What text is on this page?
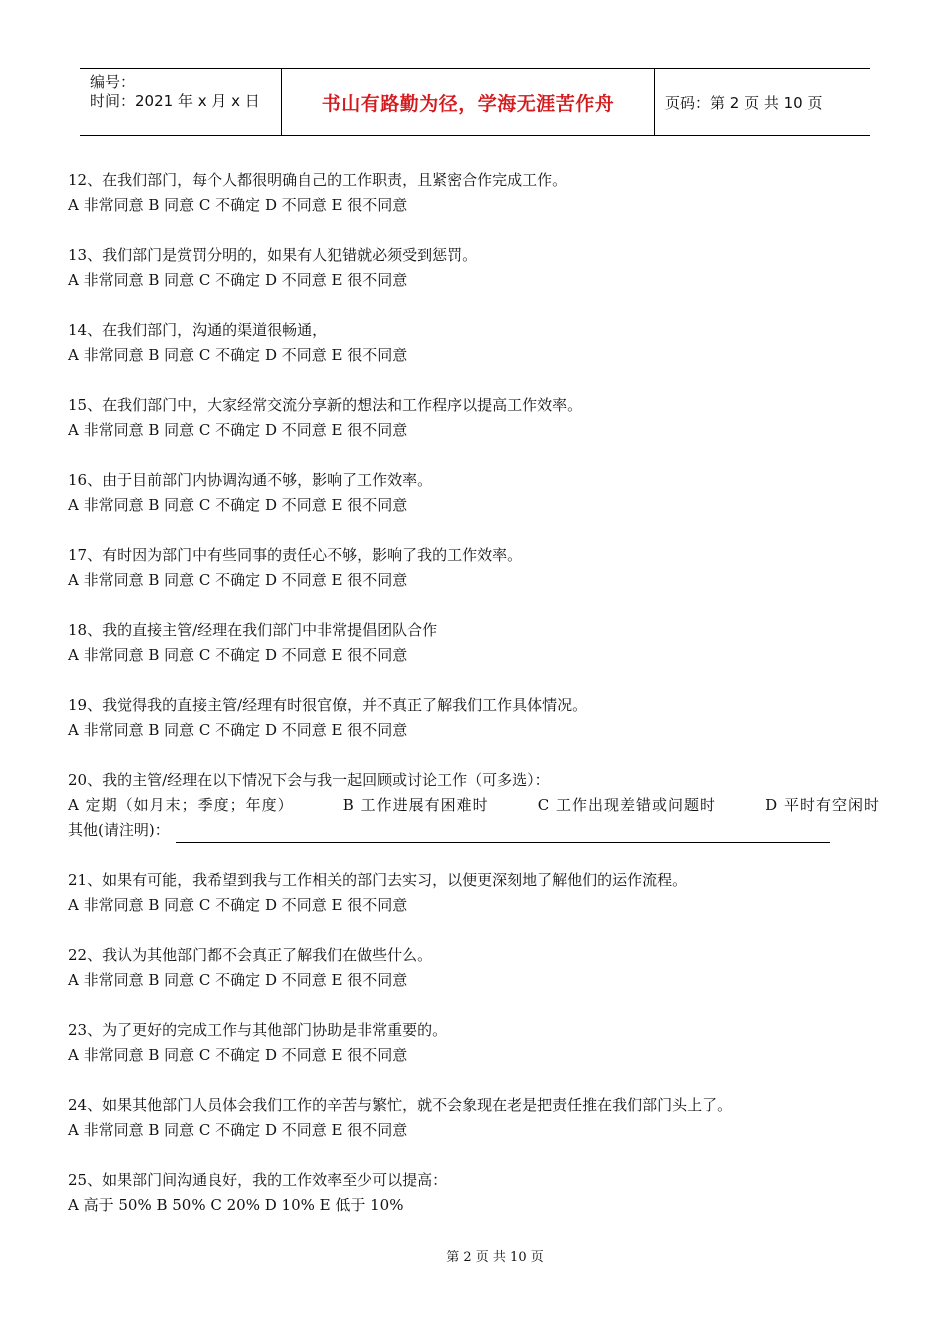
编号：
时间：2021 年 x 月 x 日	书山有路勤为径，学海无涯苦作舟	页码：第 2 页 共 10 页
12、在我们部门，每个人都很明确自己的工作职责，且紧密合作完成工作。
A 非常同意 B 同意 C 不确定 D 不同意 E 很不同意
13、我们部门是赏罚分明的，如果有人犯错就必须受到惩罚。
A 非常同意 B 同意 C 不确定 D 不同意 E 很不同意
14、在我们部门，沟通的渠道很畅通，
A 非常同意 B 同意 C 不确定 D 不同意 E 很不同意
15、在我们部门中，大家经常交流分享新的想法和工作程序以提高工作效率。
A 非常同意 B 同意 C 不确定 D 不同意 E 很不同意
16、由于目前部门内协调沟通不够，影响了工作效率。
A 非常同意 B 同意 C 不确定 D 不同意 E 很不同意
17、有时因为部门中有些同事的责任心不够，影响了我的工作效率。
A 非常同意 B 同意 C 不确定 D 不同意 E 很不同意
18、我的直接主管/经理在我们部门中非常提倡团队合作
A 非常同意 B 同意 C 不确定 D 不同意 E 很不同意
19、我觉得我的直接主管/经理有时很官僚，并不真正了解我们工作具体情况。
A 非常同意 B 同意 C 不确定 D 不同意 E 很不同意
20、我的主管/经理在以下情况下会与我一起回顾或讨论工作（可多选）：
A 定期（如月末；季度；年度）	B 工作进展有困难时	C 工作出现差错或问题时	D 平时有空闲时
其他(请注明)：
21、如果有可能，我希望到我与工作相关的部门去实习，以便更深刻地了解他们的运作流程。
A 非常同意 B 同意 C 不确定 D 不同意 E 很不同意
22、我认为其他部门都不会真正了解我们在做些什么。
A 非常同意 B 同意 C 不确定 D 不同意 E 很不同意
23、为了更好的完成工作与其他部门协助是非常重要的。
A 非常同意 B 同意 C 不确定 D 不同意 E 很不同意
24、如果其他部门人员体会我们工作的辛苦与繁忙，就不会象现在老是把责任推在我们部门头上了。
A 非常同意 B 同意 C 不确定 D 不同意 E 很不同意
25、如果部门间沟通良好，我的工作效率至少可以提高：
A 高于 50% B 50% C 20% D 10% E 低于 10%
第 2 页 共 10 页
